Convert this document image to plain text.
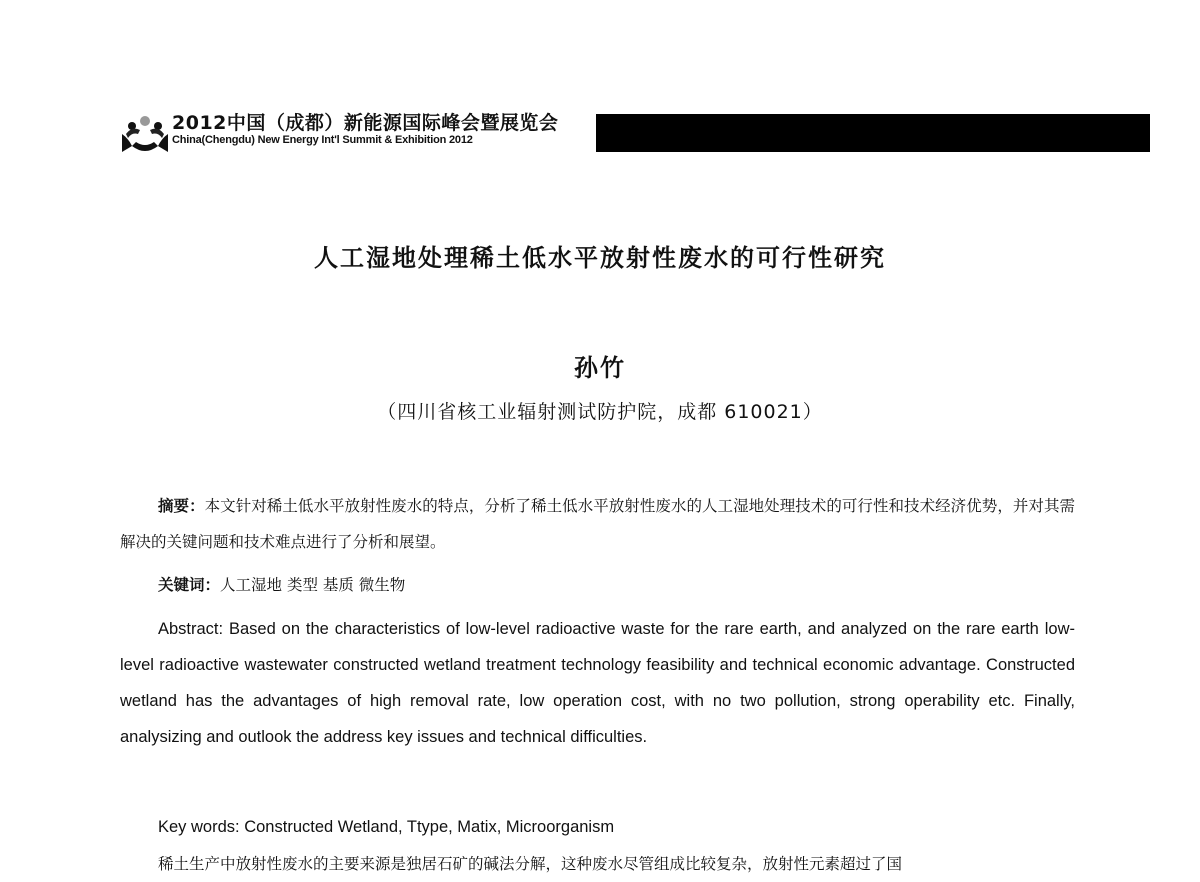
2012中国（成都）新能源国际峰会暨展览会
China(Chengdu) New Energy Int'l Summit & Exhibition 2012
人工湿地处理稀土低水平放射性废水的可行性研究
孙竹
（四川省核工业辐射测试防护院，成都 610021）

摘要：本文针对稀土低水平放射性废水的特点，分析了稀土低水平放射性废水的人工湿地处理技术的可行性和技术经济优势，并对其需解决的关键问题和技术难点进行了分析和展望。

关键词：人工湿地 类型 基质 微生物

Abstract: Based on the characteristics of low-level radioactive waste for the rare earth, and analyzed on the rare earth low-level radioactive wastewater constructed wetland treatment technology feasibility and technical economic advantage. Constructed wetland has the advantages of high removal rate, low operation cost, with no two pollution, strong operability etc. Finally, analysizing and outlook the address key issues and technical difficulties.

Key words: Constructed Wetland, Ttype, Matix, Microorganism

稀土生产中放射性废水的主要来源是独居石矿的碱法分解，这种废水尽管组成比较复杂，放射性元素超过了国
